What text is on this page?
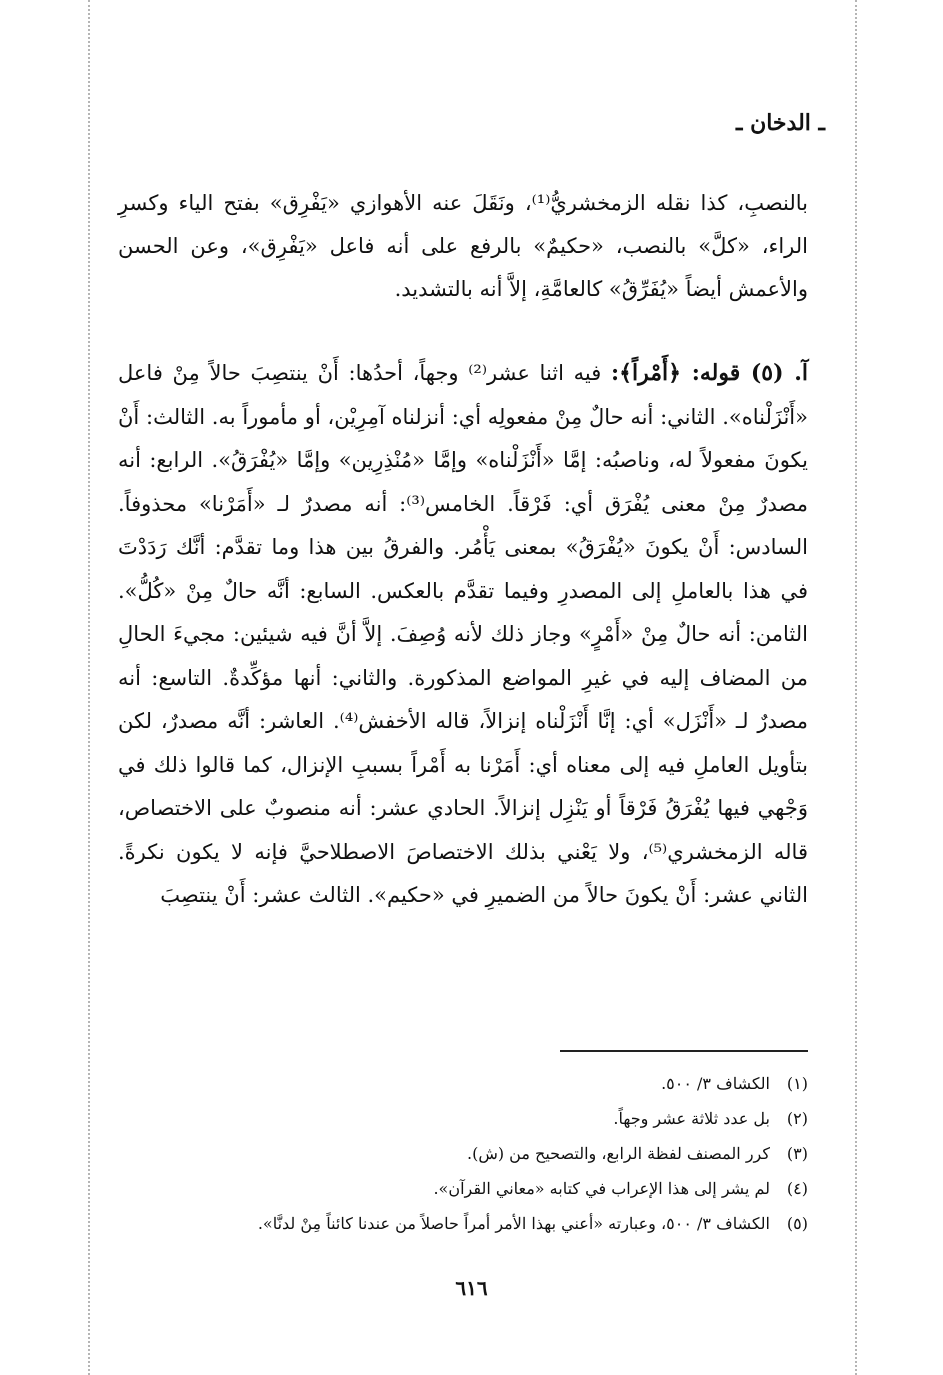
ـ الدخان ـ
بالنصبِ، كذا نقله الزمخشريُّ⁽¹⁾، ونَقَلَ عنه الأهوازي «يَفْرِق» بفتح الياء وكسرِ الراء، «كلَّ» بالنصب، «حكيمٌ» بالرفع على أنه فاعل «يَفْرِق»، وعن الحسن والأعمش أيضاً «يُفَرِّقُ» كالعامَّةِ، إلاَّ أنه بالتشديد.
آ. (٥) قوله: ﴿أَمْراً﴾: فيه اثنا عشر⁽²⁾ وجهاً، أحدُها: أَنْ ينتصِبَ حالاً مِنْ فاعل «أَنْزَلْناه». الثاني: أنه حالٌ مِنْ مفعولِه أي: أنزلناه آمِرِيْن، أو مأموراً به. الثالث: أَنْ يكونَ مفعولاً له، وناصبُه: إمَّا «أَنْزَلْناه» وإمَّا «مُنْذِرِين» وإمَّا «يُفْرَقُ». الرابع: أنه مصدرٌ مِنْ معنى يُفْرَق أي: فَرْقاً. الخامس⁽³⁾: أنه مصدرٌ لـ «أَمَرْنا» محذوفاً. السادس: أَنْ يكونَ «يُفْرَقُ» بمعنى يَأْمُر. والفرقُ بين هذا وما تقدَّم: أنَّك رَدَدْتَ في هذا بالعاملِ إلى المصدرِ وفيما تقدَّم بالعكس. السابع: أنَّه حالٌ مِنْ «كُلُّ». الثامن: أنه حالٌ مِنْ «أَمْرٍ» وجاز ذلك لأنه وُصِفَ. إلاَّ أنَّ فيه شيئين: مجيءَ الحالِ من المضاف إليه في غيرِ المواضع المذكورة. والثاني: أنها مؤكِّدةٌ. التاسع: أنه مصدرٌ لـ «أَنْزَل» أي: إنَّا أَنْزَلْناه إنزالاً، قاله الأخفش⁽⁴⁾. العاشر: أنَّه مصدرٌ، لكن بتأويل العاملِ فيه إلى معناه أي: أَمَرْنا به أَمْراً بسببِ الإنزال، كما قالوا ذلك في وَجْهي فيها يُفْرَقُ فَرْقاً أو يَنْزِل إنزالاً. الحادي عشر: أنه منصوبٌ على الاختصاص، قاله الزمخشري⁽⁵⁾، ولا يَعْني بذلك الاختصاصَ الاصطلاحيَّ فإنه لا يكون نكرةً. الثاني عشر: أَنْ يكونَ حالاً من الضميرِ في «حكيم». الثالث عشر: أَنْ ينتصِبَ
(١)
الكشاف ٣/ ٥٠٠.
(٢)
بل عدد ثلاثة عشر وجهاً.
(٣)
كرر المصنف لفظة الرابع، والتصحيح من (ش).
(٤)
لم يشر إلى هذا الإعراب في كتابه «معاني القرآن».
(٥)
الكشاف ٣/ ٥٠٠، وعبارته «أعني بهذا الأمر أمراً حاصلاً من عندنا كائناً مِنْ لدنَّا».
٦١٦
